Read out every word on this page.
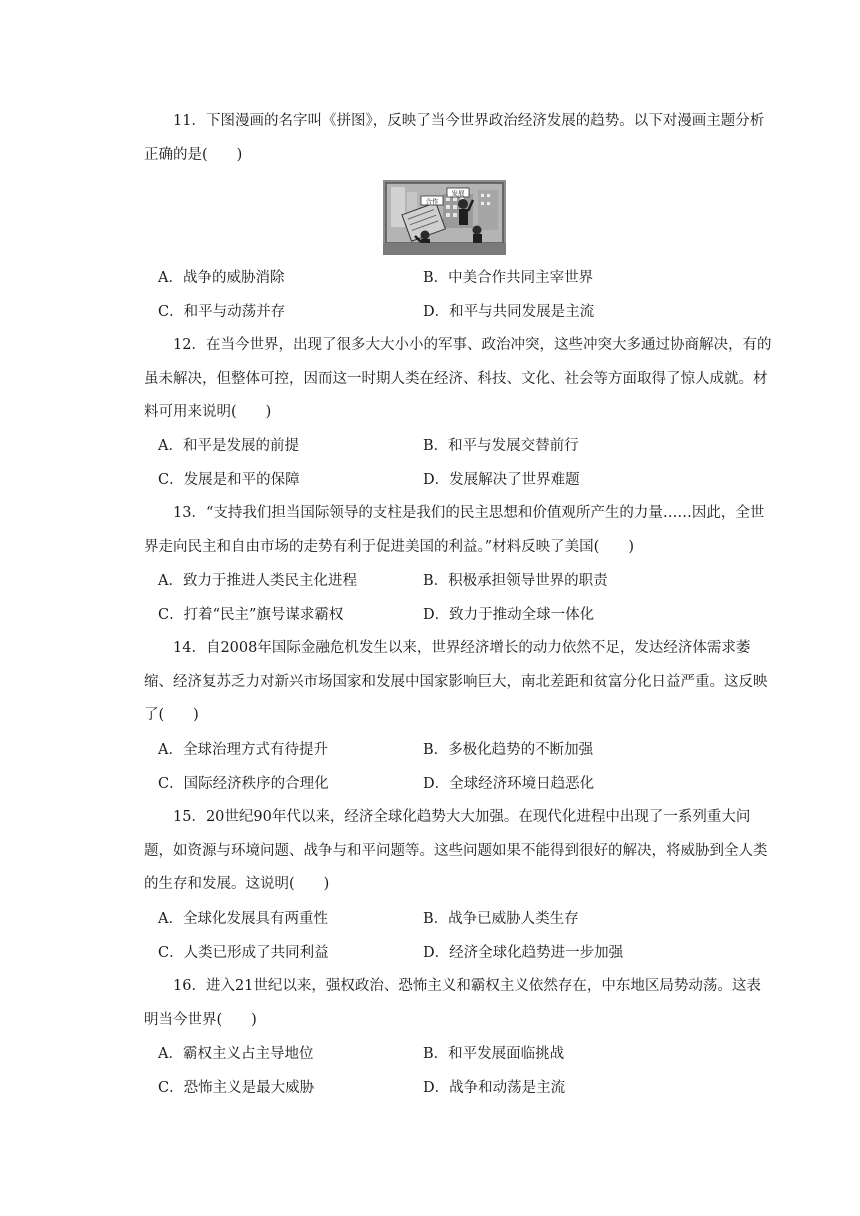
11．下图漫画的名字叫《拼图》，反映了当今世界政治经济发展的趋势。以下对漫画主题分析正确的是(　　)

合作
发展
A．战争的威胁消除	B．中美合作共同主宰世界
C．和平与动荡并存	D．和平与共同发展是主流

12．在当今世界，出现了很多大大小小的军事、政治冲突，这些冲突大多通过协商解决，有的虽未解决，但整体可控，因而这一时期人类在经济、科技、文化、社会等方面取得了惊人成就。材料可用来说明(　　)

A．和平是发展的前提	B．和平与发展交替前行
C．发展是和平的保障	D．发展解决了世界难题

13．“支持我们担当国际领导的支柱是我们的民主思想和价值观所产生的力量……因此，全世界走向民主和自由市场的走势有利于促进美国的利益。”材料反映了美国(　　)

A．致力于推进人类民主化进程	B．积极承担领导世界的职责
C．打着“民主”旗号谋求霸权	D．致力于推动全球一体化

14．自2008年国际金融危机发生以来，世界经济增长的动力依然不足，发达经济体需求萎缩、经济复苏乏力对新兴市场国家和发展中国家影响巨大，南北差距和贫富分化日益严重。这反映了(　　)

A．全球治理方式有待提升	B．多极化趋势的不断加强
C．国际经济秩序的合理化	D．全球经济环境日趋恶化

15．20世纪90年代以来，经济全球化趋势大大加强。在现代化进程中出现了一系列重大问题，如资源与环境问题、战争与和平问题等。这些问题如果不能得到很好的解决，将威胁到全人类的生存和发展。这说明(　　)

A．全球化发展具有两重性	B．战争已威胁人类生存
C．人类已形成了共同利益	D．经济全球化趋势进一步加强

16．进入21世纪以来，强权政治、恐怖主义和霸权主义依然存在，中东地区局势动荡。这表明当今世界(　　)

A．霸权主义占主导地位	B．和平发展面临挑战
C．恐怖主义是最大威胁	D．战争和动荡是主流
